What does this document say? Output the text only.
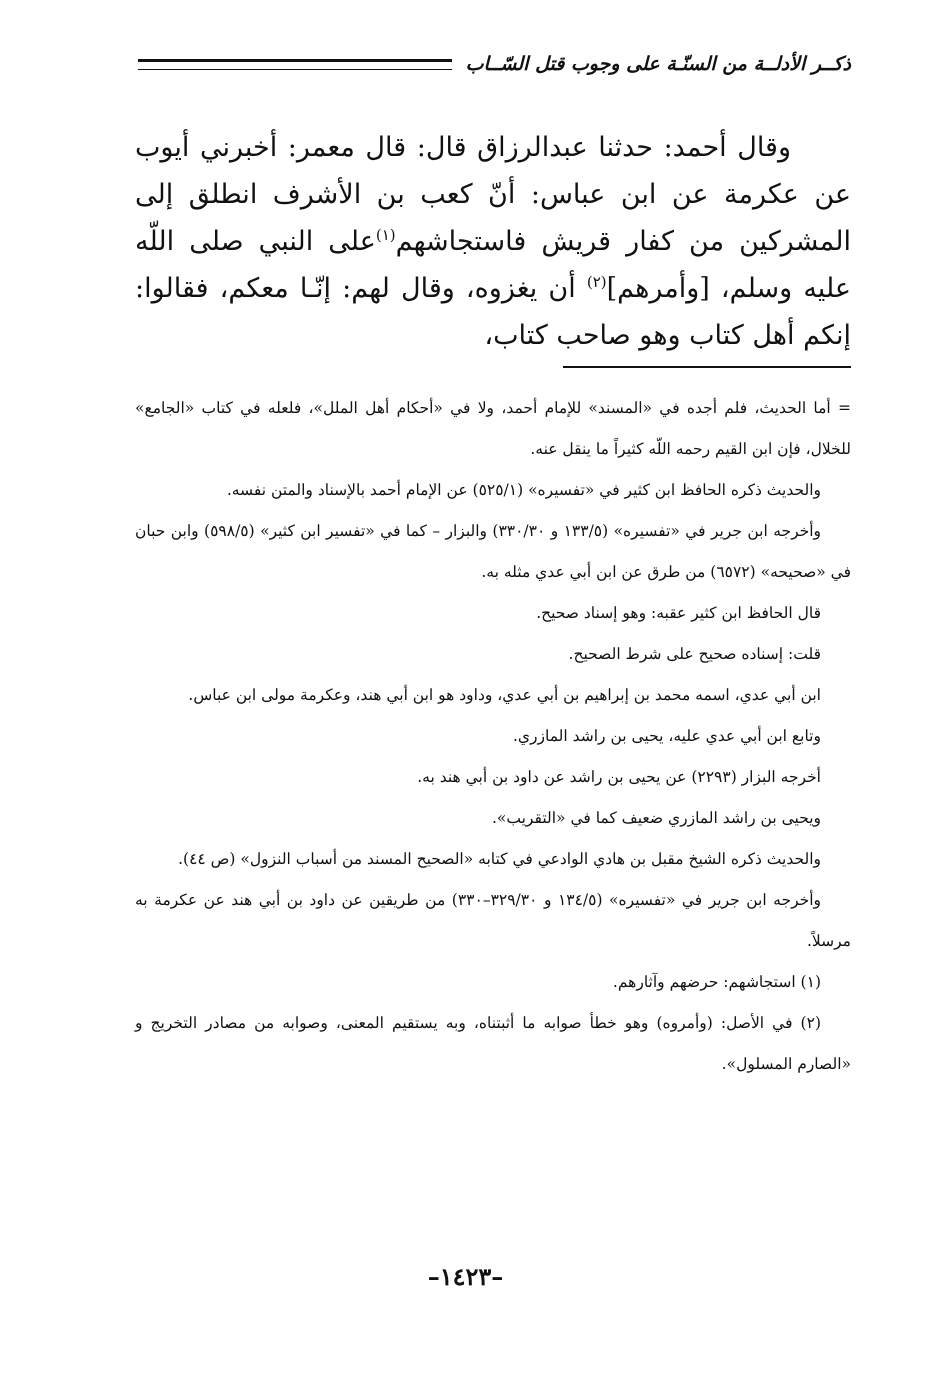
ذكــر الأدلــة من السنّـة على وجوب قتل السّــاب

وقال أحمد: حدثنا عبدالرزاق قال: قال معمر: أخبرني أيوب عن عكرمة عن ابن عباس: أنّ كعب بن الأشرف انطلق إلى المشركين من كفار قريش فاستجاشهم$^{(١)}$على النبي صلى اللّه عليه وسلم، [وأمرهم]$^{(٢)}$ أن يغزوه، وقال لهم: إنّـا معكم، فقالوا: إنكم أهل كتاب وهو صاحب كتاب،

= أما الحديث، فلم أجده في «المسند» للإمام أحمد، ولا في «أحكام أهل الملل»، فلعله في كتاب «الجامع» للخلال، فإن ابن القيم رحمه اللّه كثيراً ما ينقل عنه.

والحديث ذكره الحافظ ابن كثير في «تفسيره» (٥٢٥/١) عن الإمام أحمد بالإسناد والمتن نفسه.

وأخرجه ابن جرير في «تفسيره» (١٣٣/٥ و ٣٣٠/٣٠) والبزار – كما في «تفسير ابن كثير» (٥٩٨/٥) وابن حبان في «صحيحه» (٦٥٧٢) من طرق عن ابن أبي عدي مثله به.

قال الحافظ ابن كثير عقبه: وهو إسناد صحيح.

قلت: إسناده صحيح على شرط الصحيح.

ابن أبي عدي، اسمه محمد بن إبراهيم بن أبي عدي، وداود هو ابن أبي هند، وعكرمة مولى ابن عباس.

وتابع ابن أبي عدي عليه، يحيى بن راشد المازري.

أخرجه البزار (٢٢٩٣) عن يحيى بن راشد عن داود بن أبي هند به.

ويحيى بن راشد المازري ضعيف كما في «التقريب».

والحديث ذكره الشيخ مقبل بن هادي الوادعي في كتابه «الصحيح المسند من أسباب النزول» (ص ٤٤).

وأخرجه ابن جرير في «تفسيره» (١٣٤/٥ و ٣٢٩/٣٠–٣٣٠) من طريقين عن داود بن أبي هند عن عكرمة به مرسلاً.

(١) استجاشهم: حرضهم وآثارهم.

(٢) في الأصل: (وأمروه) وهو خطأ صوابه ما أثبتناه، وبه يستقيم المعنى، وصوابه من مصادر التخريج و «الصارم المسلول».

–١٤٢٣–
